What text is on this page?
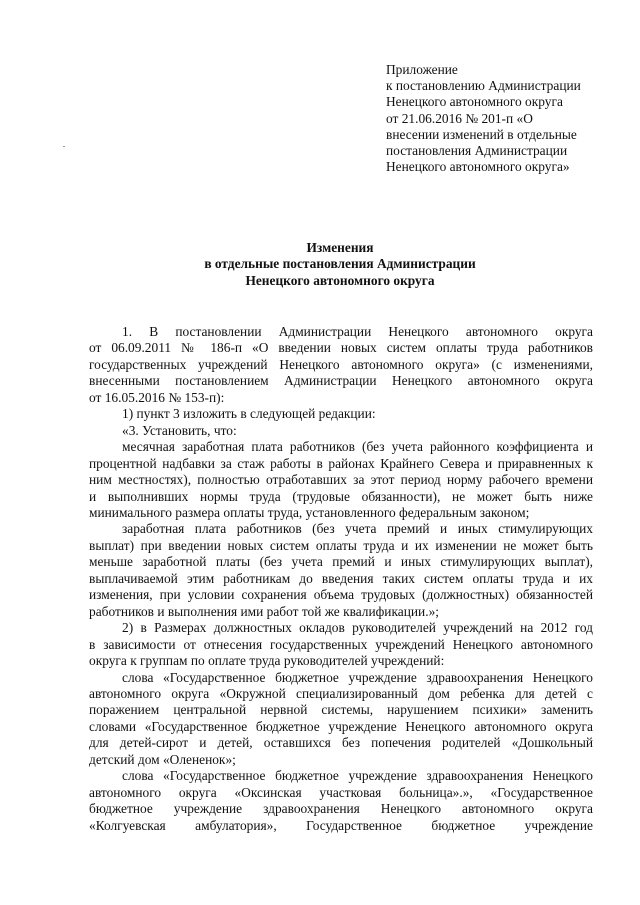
Приложение
к постановлению Администрации
Ненецкого автономного округа
от 21.06.2016 № 201-п «О
внесении изменений в отдельные
постановления Администрации
Ненецкого автономного округа»
Изменения
в отдельные постановления Администрации
Ненецкого автономного округа
1. В постановлении Администрации Ненецкого автономного округа
от 06.09.2011 № 186-п «О введении новых систем оплаты труда работников
государственных учреждений Ненецкого автономного округа» (с изменениями,
внесенными постановлением Администрации Ненецкого автономного округа
от 16.05.2016 № 153-п):
1) пункт 3 изложить в следующей редакции:
«3. Установить, что:
месячная заработная плата работников (без учета районного коэффициента и
процентной надбавки за стаж работы в районах Крайнего Севера и приравненных к
ним местностях), полностью отработавших за этот период норму рабочего времени
и выполнивших нормы труда (трудовые обязанности), не может быть ниже
минимального размера оплаты труда, установленного федеральным законом;
заработная плата работников (без учета премий и иных стимулирующих
выплат) при введении новых систем оплаты труда и их изменении не может быть
меньше заработной платы (без учета премий и иных стимулирующих выплат),
выплачиваемой этим работникам до введения таких систем оплаты труда и их
изменения, при условии сохранения объема трудовых (должностных) обязанностей
работников и выполнения ими работ той же квалификации.»;
2) в Размерах должностных окладов руководителей учреждений на 2012 год
в зависимости от отнесения государственных учреждений Ненецкого автономного
округа к группам по оплате труда руководителей учреждений:
слова «Государственное бюджетное учреждение здравоохранения Ненецкого
автономного округа «Окружной специализированный дом ребенка для детей с
поражением центральной нервной системы, нарушением психики» заменить
словами «Государственное бюджетное учреждение Ненецкого автономного округа
для детей-сирот и детей, оставшихся без попечения родителей «Дошкольный
детский дом «Олененок»;
слова «Государственное бюджетное учреждение здравоохранения Ненецкого
автономного округа «Оксинская участковая больница».», «Государственное
бюджетное учреждение здравоохранения Ненецкого автономного округа
«Колгуевская амбулатория», Государственное бюджетное учреждение
